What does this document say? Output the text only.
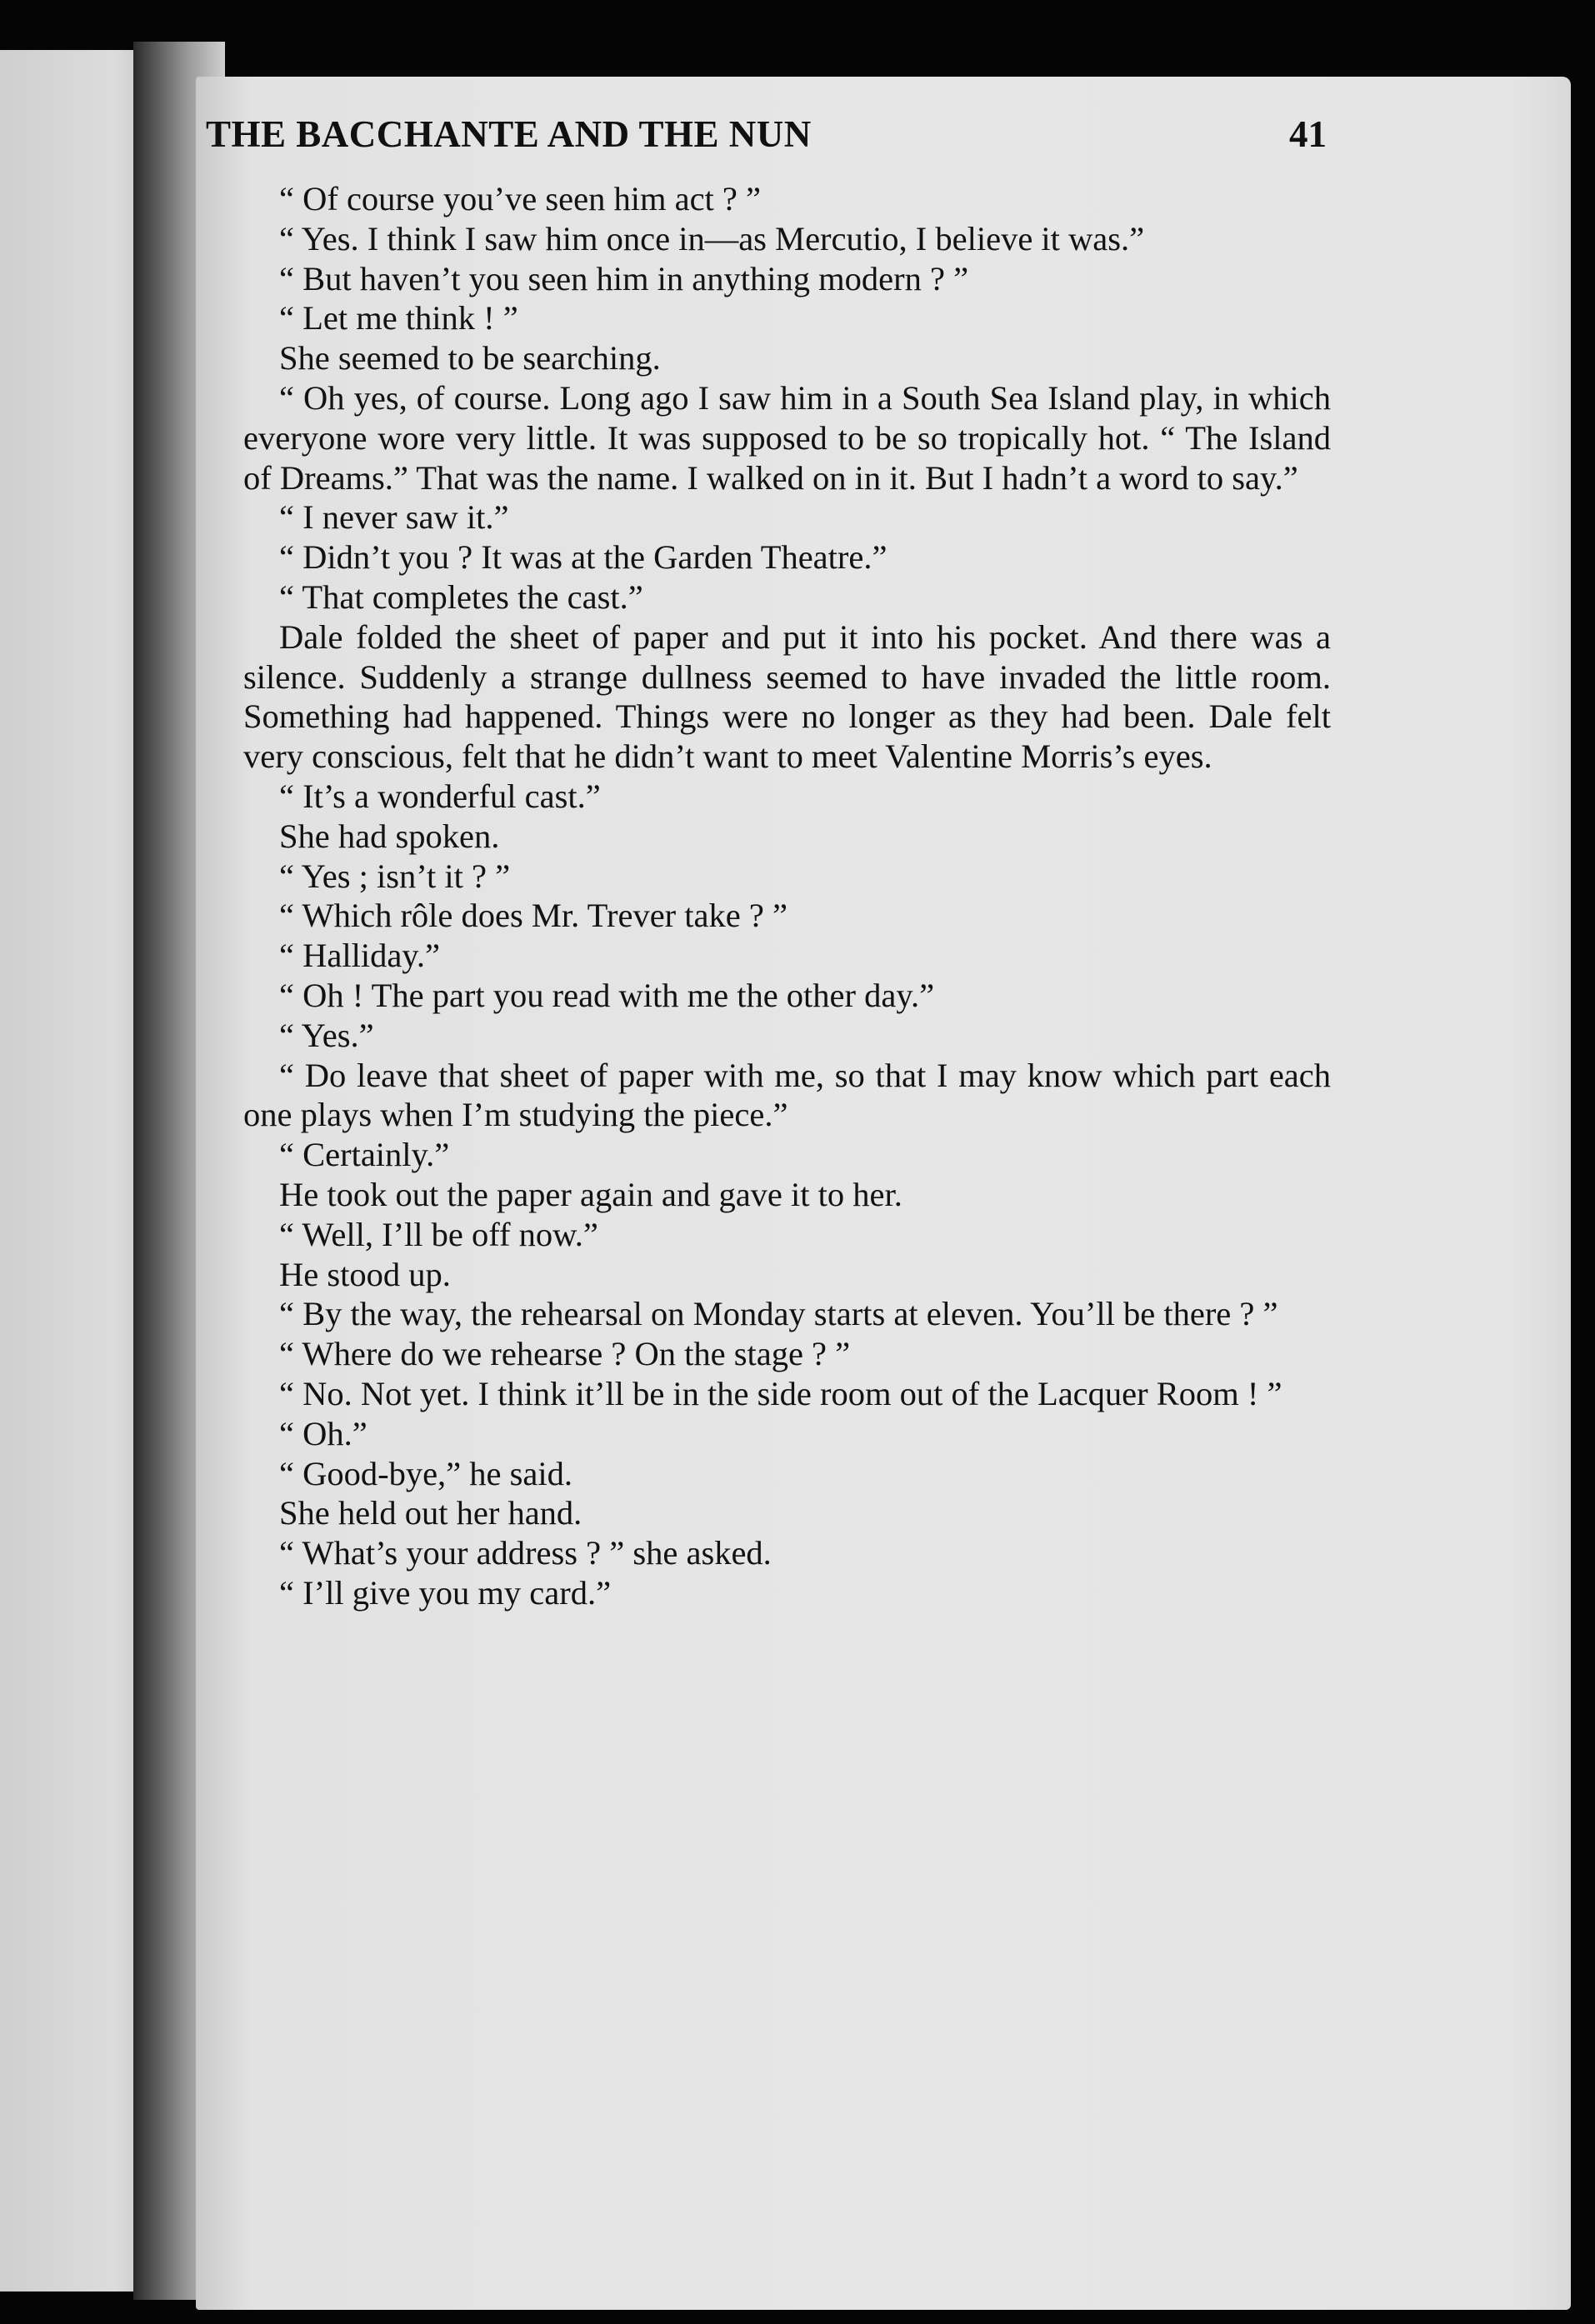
THE BACCHANTE AND THE NUN	41

“ Of course you’ve seen him act ? ”

“ Yes. I think I saw him once in—as Mercutio, I believe it was.”

“ But haven’t you seen him in anything modern ? ”

“ Let me think ! ”

She seemed to be searching.

“ Oh yes, of course. Long ago I saw him in a South Sea Island play, in which everyone wore very little. It was supposed to be so tropically hot. “ The Island of Dreams.” That was the name. I walked on in it. But I hadn’t a word to say.”

“ I never saw it.”

“ Didn’t you ? It was at the Garden Theatre.”

“ That completes the cast.”

Dale folded the sheet of paper and put it into his pocket. And there was a silence. Suddenly a strange dullness seemed to have invaded the little room. Something had happened. Things were no longer as they had been. Dale felt very conscious, felt that he didn’t want to meet Valentine Morris’s eyes.

“ It’s a wonderful cast.”

She had spoken.

“ Yes ; isn’t it ? ”

“ Which rôle does Mr. Trever take ? ”

“ Halliday.”

“ Oh ! The part you read with me the other day.”

“ Yes.”

“ Do leave that sheet of paper with me, so that I may know which part each one plays when I’m studying the piece.”

“ Certainly.”

He took out the paper again and gave it to her.

“ Well, I’ll be off now.”

He stood up.

“ By the way, the rehearsal on Monday starts at eleven. You’ll be there ? ”

“ Where do we rehearse ? On the stage ? ”

“ No. Not yet. I think it’ll be in the side room out of the Lacquer Room ! ”

“ Oh.”

“ Good-bye,” he said.

She held out her hand.

“ What’s your address ? ” she asked.

“ I’ll give you my card.”
